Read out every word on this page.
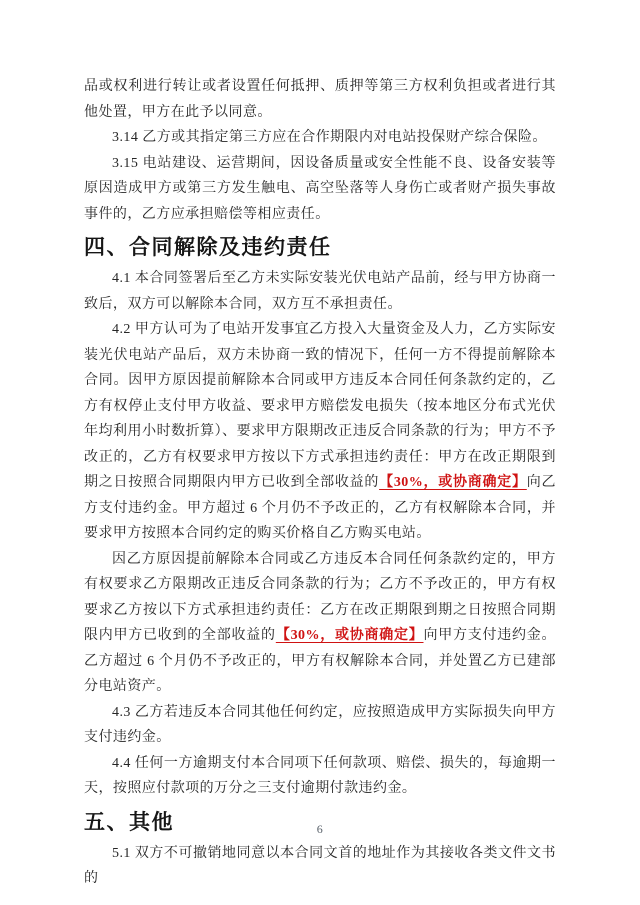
品或权利进行转让或者设置任何抵押、质押等第三方权利负担或者进行其他处置，甲方在此予以同意。

3.14 乙方或其指定第三方应在合作期限内对电站投保财产综合保险。

3.15 电站建设、运营期间，因设备质量或安全性能不良、设备安装等原因造成甲方或第三方发生触电、高空坠落等人身伤亡或者财产损失事故事件的，乙方应承担赔偿等相应责任。

四、合同解除及违约责任

4.1 本合同签署后至乙方未实际安装光伏电站产品前，经与甲方协商一致后，双方可以解除本合同，双方互不承担责任。

4.2 甲方认可为了电站开发事宜乙方投入大量资金及人力，乙方实际安装光伏电站产品后，双方未协商一致的情况下，任何一方不得提前解除本合同。因甲方原因提前解除本合同或甲方违反本合同任何条款约定的，乙方有权停止支付甲方收益、要求甲方赔偿发电损失（按本地区分布式光伏年均利用小时数折算）、要求甲方限期改正违反合同条款的行为；甲方不予改正的，乙方有权要求甲方按以下方式承担违约责任：甲方在改正期限到期之日按照合同期限内甲方已收到全部收益的【30%，或协商确定】向乙方支付违约金。甲方超过 6 个月仍不予改正的，乙方有权解除本合同，并要求甲方按照本合同约定的购买价格自乙方购买电站。

因乙方原因提前解除本合同或乙方违反本合同任何条款约定的，甲方有权要求乙方限期改正违反合同条款的行为；乙方不予改正的，甲方有权要求乙方按以下方式承担违约责任：乙方在改正期限到期之日按照合同期限内甲方已收到的全部收益的【30%，或协商确定】向甲方支付违约金。乙方超过 6 个月仍不予改正的，甲方有权解除本合同，并处置乙方已建部分电站资产。

4.3 乙方若违反本合同其他任何约定，应按照造成甲方实际损失向甲方支付违约金。

4.4 任何一方逾期支付本合同项下任何款项、赔偿、损失的，每逾期一天，按照应付款项的万分之三支付逾期付款违约金。

五、其他

5.1 双方不可撤销地同意以本合同文首的地址作为其接收各类文件文书的

6
